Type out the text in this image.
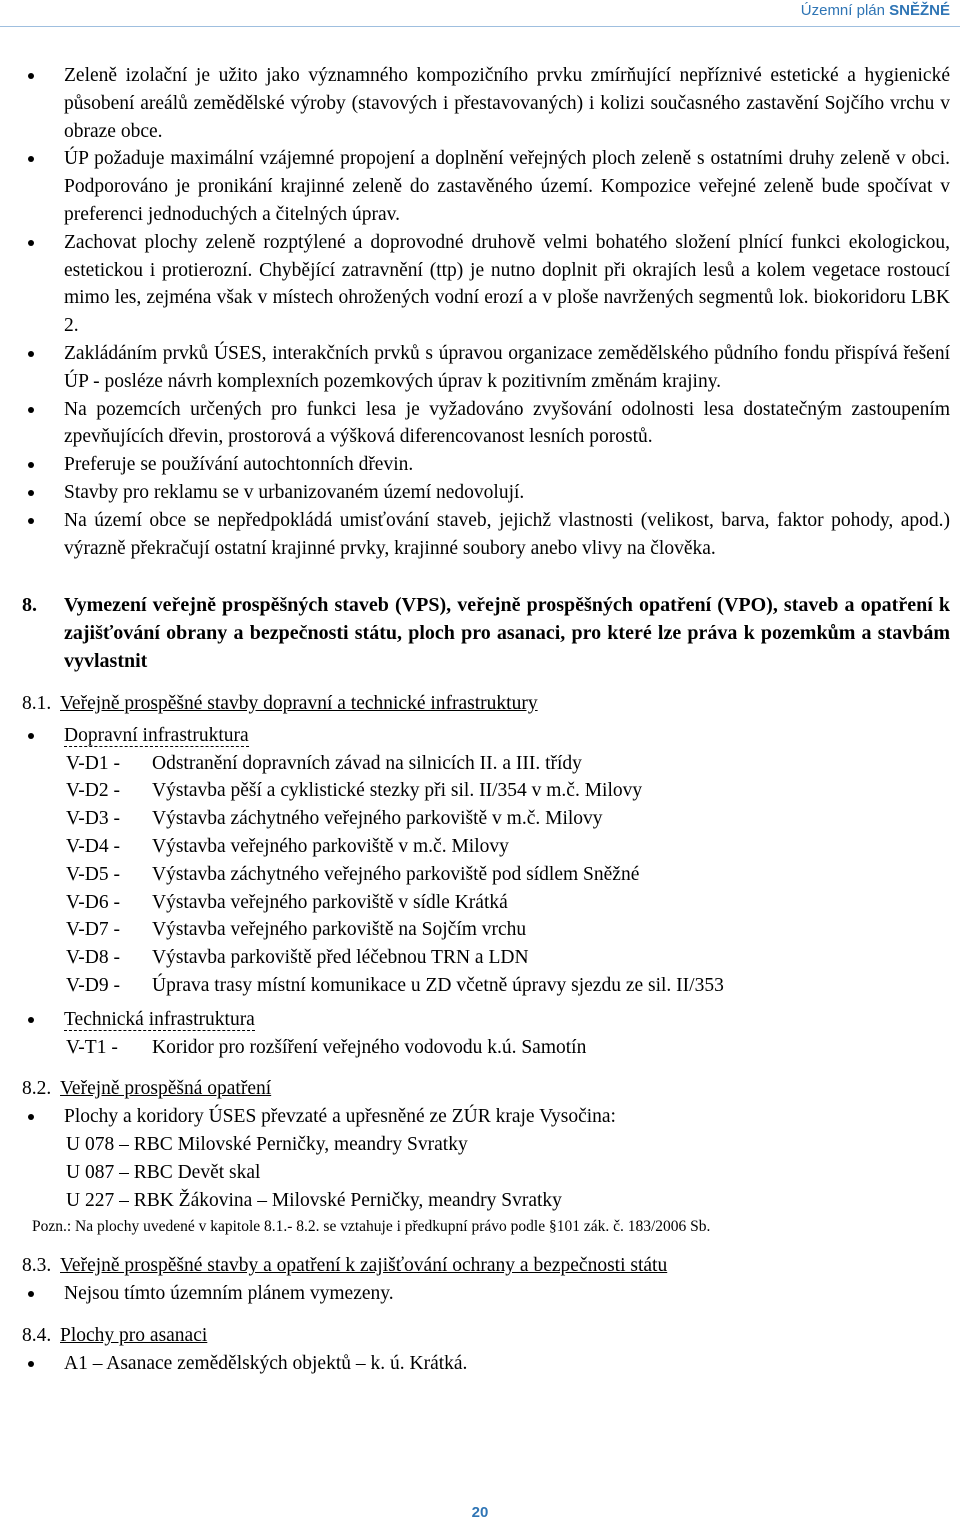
Územní plán SNĚŽNÉ
Zeleně izolační je užito jako významného kompozičního prvku zmírňující nepříznivé estetické a hygienické působení areálů zemědělské výroby (stavových i přestavovaných) i kolizi současného zastavění Sojčího vrchu v obraze obce.
ÚP požaduje maximální vzájemné propojení a doplnění veřejných ploch zeleně s ostatními druhy zeleně v obci. Podporováno je pronikání krajinné zeleně do zastavěného území. Kompozice veřejné zeleně bude spočívat v preferenci jednoduchých a čitelných úprav.
Zachovat plochy zeleně rozptýlené a doprovodné druhově velmi bohatého složení plnící funkci ekologickou, estetickou i protierozní. Chybějící zatravnění (ttp) je nutno doplnit při okrajích lesů a kolem vegetace rostoucí mimo les, zejména však v místech ohrožených vodní erozí a v ploše navržených segmentů lok. biokoridoru LBK 2.
Zakládáním prvků ÚSES, interakčních prvků s úpravou organizace zemědělského půdního fondu přispívá řešení ÚP - posléze návrh komplexních pozemkových úprav k pozitivním změnám krajiny.
Na pozemcích určených pro funkci lesa je vyžadováno zvyšování odolnosti lesa dostatečným zastoupením zpevňujících dřevin, prostorová a výšková diferencovanost lesních porostů.
Preferuje se používání autochtonních dřevin.
Stavby pro reklamu se v urbanizovaném území nedovolují.
Na území obce se nepředpokládá umisťování staveb, jejichž vlastnosti (velikost, barva, faktor pohody, apod.) výrazně překračují ostatní krajinné prvky, krajinné soubory anebo vlivy na člověka.
8.	Vymezení veřejně prospěšných staveb (VPS), veřejně prospěšných opatření (VPO), staveb a opatření k zajišťování obrany a bezpečnosti státu, ploch pro asanaci, pro které lze práva k pozemkům a stavbám vyvlastnit
8.1. Veřejně prospěšné stavby dopravní a technické infrastruktury
Dopravní infrastruktura
V-D1 -	Odstranění dopravních závad na silnicích II. a III. třídy
V-D2 -	Výstavba pěší a cyklistické stezky při sil. II/354 v m.č. Milovy
V-D3 -	Výstavba záchytného veřejného parkoviště v m.č. Milovy
V-D4 -	Výstavba veřejného parkoviště v m.č. Milovy
V-D5 -	Výstavba záchytného veřejného parkoviště pod sídlem Sněžné
V-D6 -	Výstavba veřejného parkoviště v sídle Krátká
V-D7 -	Výstavba veřejného parkoviště na Sojčím vrchu
V-D8 -	Výstavba parkoviště před léčebnou TRN a LDN
V-D9 -	Úprava trasy místní komunikace u ZD včetně úpravy sjezdu ze sil. II/353
Technická infrastruktura
V-T1 -	Koridor pro rozšíření veřejného vodovodu k.ú. Samotín
8.2. Veřejně prospěšná opatření
Plochy a koridory ÚSES převzaté a upřesněné ze ZÚR kraje Vysočina:
U 078 – RBC Milovské Perničky, meandry Svratky
U 087 – RBC Devět skal
U 227 – RBK Žákovina – Milovské Perničky, meandry Svratky
Pozn.: Na plochy uvedené v kapitole 8.1.- 8.2. se vztahuje i předkupní právo podle §101 zák. č. 183/2006 Sb.
8.3. Veřejně prospěšné stavby a opatření k zajišťování ochrany a bezpečnosti státu
Nejsou tímto územním plánem vymezeny.
8.4. Plochy pro asanaci
A1 – Asanace zemědělských objektů – k. ú. Krátká.
20
